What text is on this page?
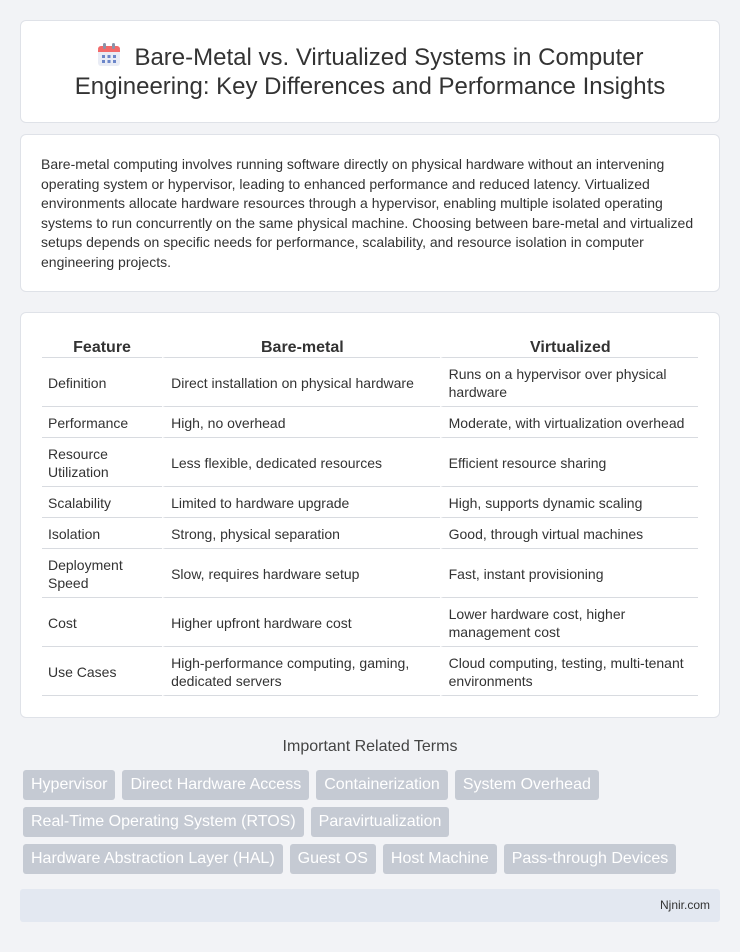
Bare-Metal vs. Virtualized Systems in Computer Engineering: Key Differences and Performance Insights

Bare-metal computing involves running software directly on physical hardware without an intervening operating system or hypervisor, leading to enhanced performance and reduced latency. Virtualized environments allocate hardware resources through a hypervisor, enabling multiple isolated operating systems to run concurrently on the same physical machine. Choosing between bare-metal and virtualized setups depends on specific needs for performance, scalability, and resource isolation in computer engineering projects.

Feature	Bare-metal	Virtualized
Definition	Direct installation on physical hardware	Runs on a hypervisor over physical hardware
Performance	High, no overhead	Moderate, with virtualization overhead
Resource Utilization	Less flexible, dedicated resources	Efficient resource sharing
Scalability	Limited to hardware upgrade	High, supports dynamic scaling
Isolation	Strong, physical separation	Good, through virtual machines
Deployment Speed	Slow, requires hardware setup	Fast, instant provisioning
Cost	Higher upfront hardware cost	Lower hardware cost, higher management cost
Use Cases	High-performance computing, gaming, dedicated servers	Cloud computing, testing, multi-tenant environments
Important Related Terms
Hypervisor	Direct Hardware Access	Containerization	System Overhead
Real-Time Operating System (RTOS)	Paravirtualization
Hardware Abstraction Layer (HAL)	Guest OS	Host Machine	Pass-through Devices
Njnir.com
